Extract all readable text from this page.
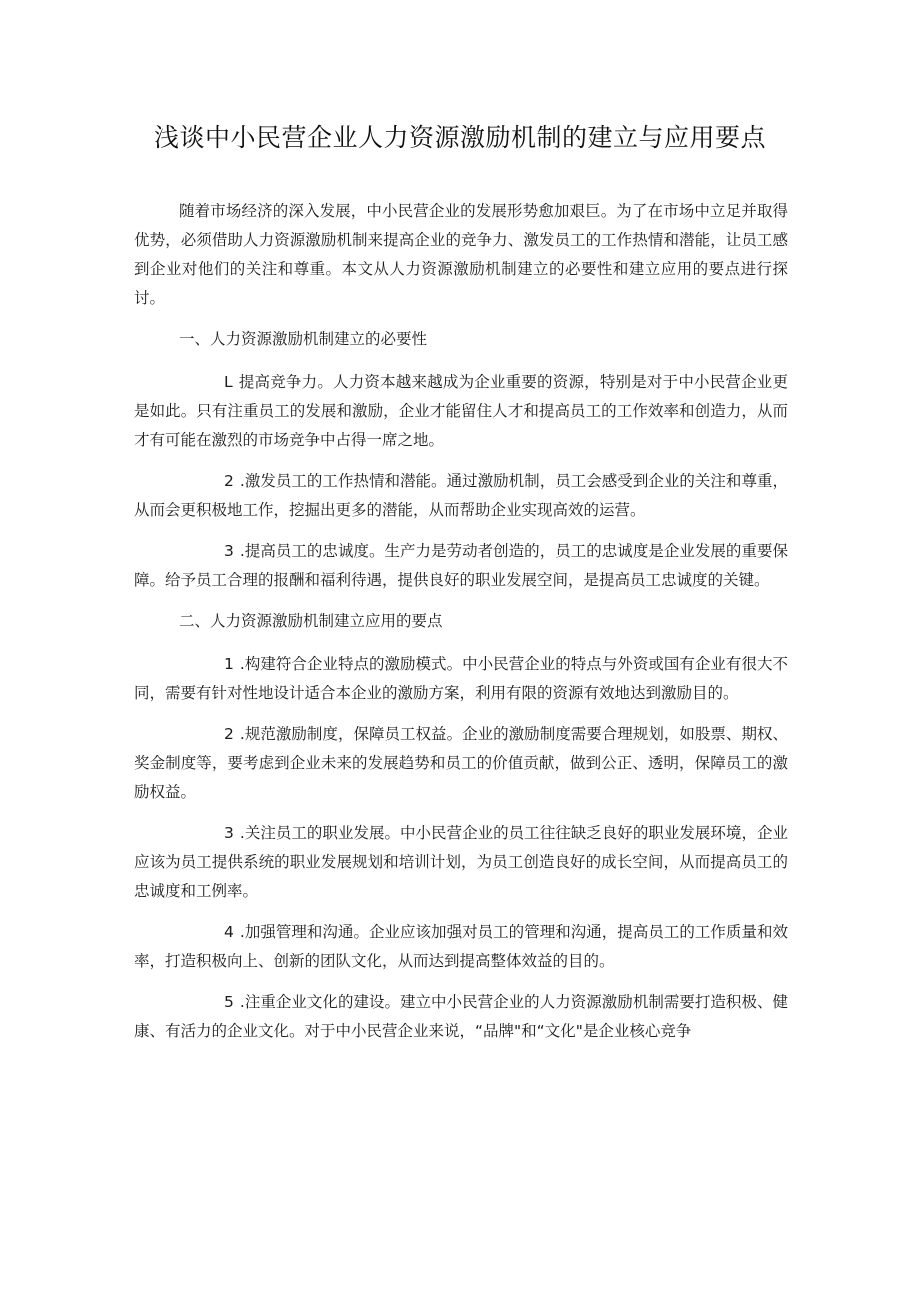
浅谈中小民营企业人力资源激励机制的建立与应用要点

随着市场经济的深入发展，中小民营企业的发展形势愈加艰巨。为了在市场中立足并取得优势，必须借助人力资源激励机制来提高企业的竞争力、激发员工的工作热情和潜能，让员工感到企业对他们的关注和尊重。本文从人力资源激励机制建立的必要性和建立应用的要点进行探讨。

一、人力资源激励机制建立的必要性

L 提高竞争力。人力资本越来越成为企业重要的资源，特别是对于中小民营企业更是如此。只有注重员工的发展和激励，企业才能留住人才和提高员工的工作效率和创造力，从而才有可能在激烈的市场竞争中占得一席之地。

2 .激发员工的工作热情和潜能。通过激励机制，员工会感受到企业的关注和尊重，从而会更积极地工作，挖掘出更多的潜能，从而帮助企业实现高效的运营。

3 .提高员工的忠诚度。生产力是劳动者创造的，员工的忠诚度是企业发展的重要保障。给予员工合理的报酬和福利待遇，提供良好的职业发展空间，是提高员工忠诚度的关键。

二、人力资源激励机制建立应用的要点

1 .构建符合企业特点的激励模式。中小民营企业的特点与外资或国有企业有很大不同，需要有针对性地设计适合本企业的激励方案，利用有限的资源有效地达到激励目的。

2 .规范激励制度，保障员工权益。企业的激励制度需要合理规划，如股票、期权、奖金制度等，要考虑到企业未来的发展趋势和员工的价值贡献，做到公正、透明，保障员工的激励权益。

3 .关注员工的职业发展。中小民营企业的员工往往缺乏良好的职业发展环境，企业应该为员工提供系统的职业发展规划和培训计划，为员工创造良好的成长空间，从而提高员工的忠诚度和工例率。

4 .加强管理和沟通。企业应该加强对员工的管理和沟通，提高员工的工作质量和效率，打造积极向上、创新的团队文化，从而达到提高整体效益的目的。

5 .注重企业文化的建设。建立中小民营企业的人力资源激励机制需要打造积极、健康、有活力的企业文化。对于中小民营企业来说，“品牌"和“文化"是企业核心竞争
